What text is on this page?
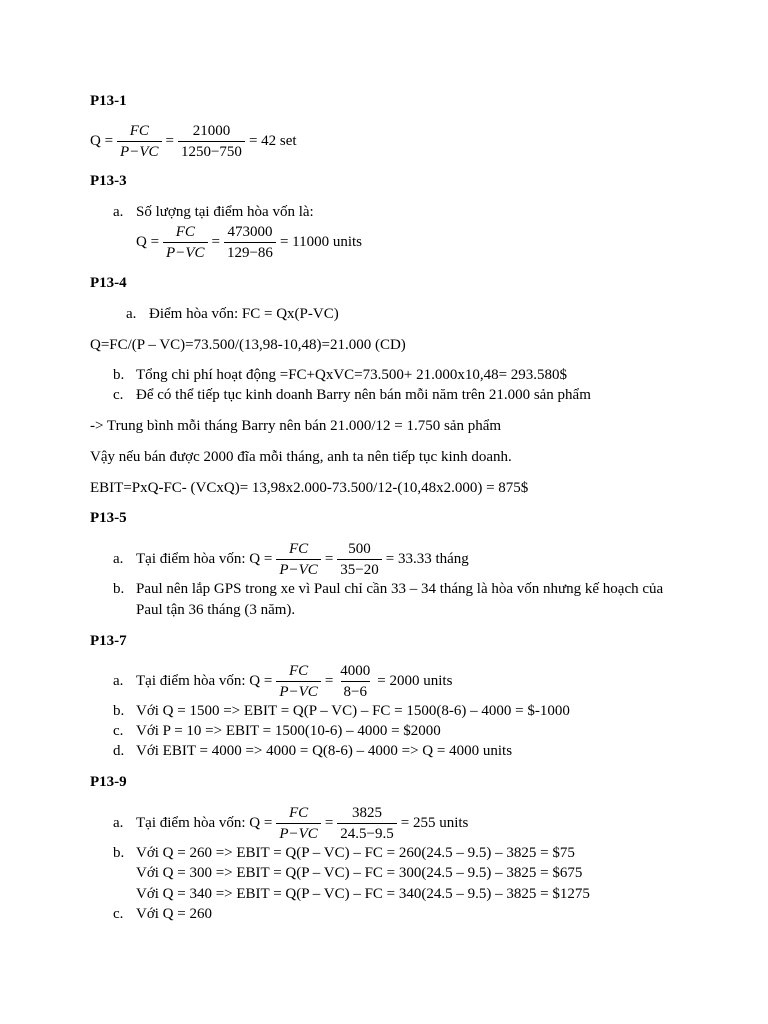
P13-1
$Q = \frac{FC}{P-VC} = \frac{21000}{1250-750} = 42$ set
P13-3
a. Số lượng tại điểm hòa vốn là:
$Q = \frac{FC}{P-VC} = \frac{473000}{129-86} = 11000$ units
P13-4
a. Điểm hòa vốn: FC = Qx(P-VC)
Q=FC/(P – VC)=73.500/(13,98-10,48)=21.000 (CD)
b. Tổng chi phí hoạt động =FC+QxVC=73.500+ 21.000x10,48= 293.580$
c. Để có thể tiếp tục kinh doanh Barry nên bán mỗi năm trên 21.000 sản phẩm
-> Trung bình mỗi tháng Barry nên bán 21.000/12 = 1.750 sản phẩm
Vậy nếu bán được 2000 đĩa mỗi tháng, anh ta nên tiếp tục kinh doanh.
EBIT=PxQ-FC- (VCxQ)= 13,98x2.000-73.500/12-(10,48x2.000) = 875$
P13-5
a. Tại điểm hòa vốn: $Q = \frac{FC}{P-VC} = \frac{500}{35-20} = 33.33$ tháng
b. Paul nên lắp GPS trong xe vì Paul chỉ cần 33 – 34 tháng là hòa vốn nhưng kế hoạch của
Paul tận 36 tháng (3 năm).
P13-7
a. Tại điểm hòa vốn: $Q = \frac{FC}{P-VC} = \frac{4000}{8-6} = 2000$ units
b. Với Q = 1500 => EBIT = Q(P – VC) – FC = 1500(8-6) – 4000 = $-1000
c. Với P = 10 => EBIT = 1500(10-6) – 4000 = $2000
d. Với EBIT = 4000 => 4000 = Q(8-6) – 4000 => Q = 4000 units
P13-9
a. Tại điểm hòa vốn: $Q = \frac{FC}{P-VC} = \frac{3825}{24.5-9.5} = 255$ units
b. Với Q = 260 => EBIT = Q(P – VC) – FC = 260(24.5 – 9.5) – 3825 = $75
Với Q = 300 => EBIT = Q(P – VC) – FC = 300(24.5 – 9.5) – 3825 = $675
Với Q = 340 => EBIT = Q(P – VC) – FC = 340(24.5 – 9.5) – 3825 = $1275
c. Với Q = 260
